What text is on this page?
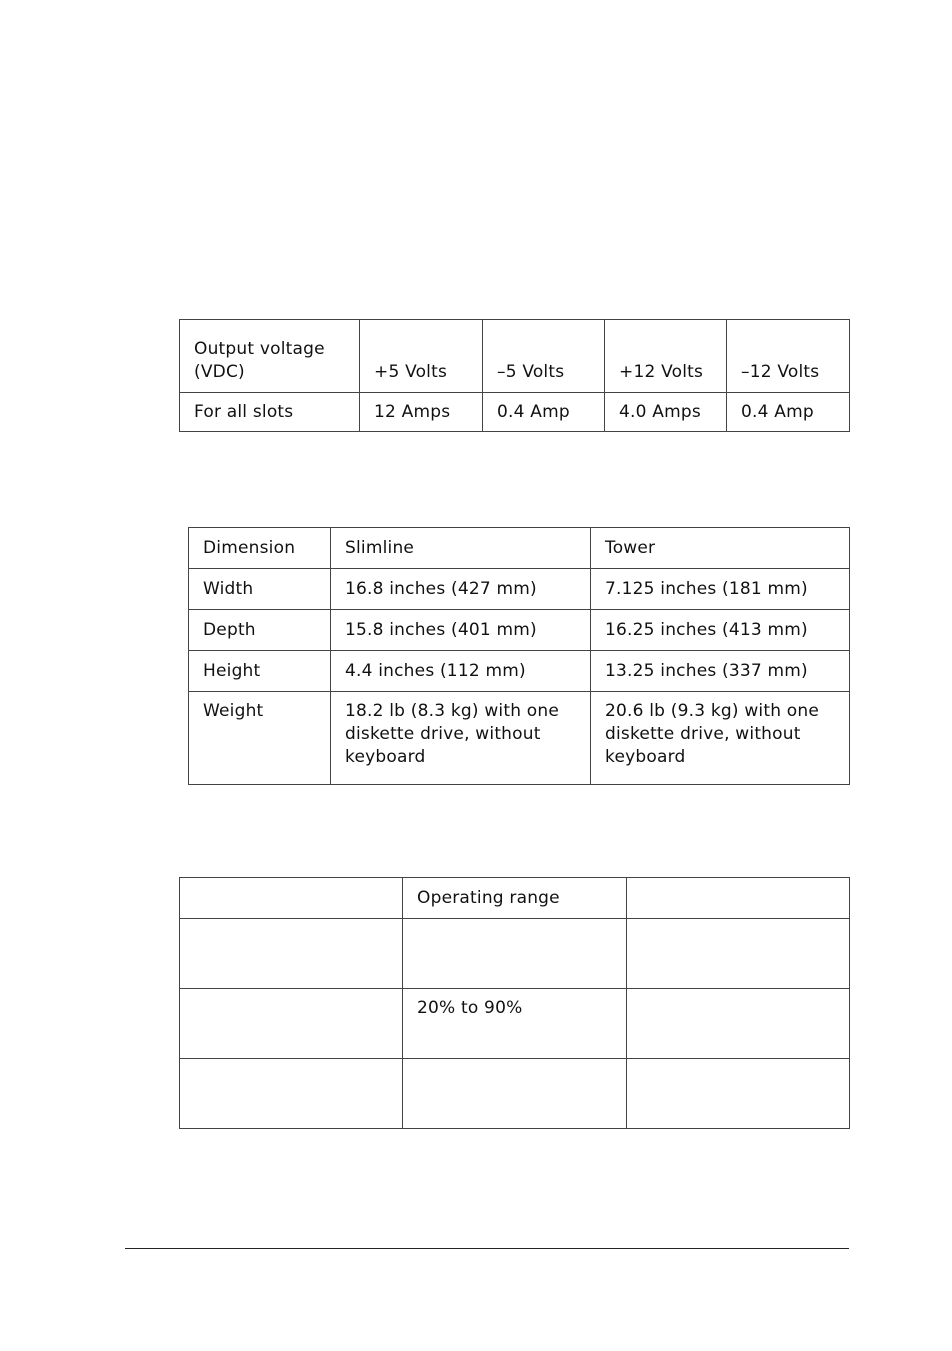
Output voltage (VDC)	+5 Volts	–5 Volts	+12 Volts	–12 Volts
For all slots	12 Amps	0.4 Amp	4.0 Amps	0.4 Amp
Dimension	Slimline	Tower
Width	16.8 inches (427 mm)	7.125 inches (181 mm)
Depth	15.8 inches (401 mm)	16.25 inches (413 mm)
Height	4.4 inches (112 mm)	13.25 inches (337 mm)
Weight	18.2 lb (8.3 kg) with one diskette drive, without keyboard	20.6 lb (9.3 kg) with one diskette drive, without keyboard
	Operating range	

	20% to 90%	
